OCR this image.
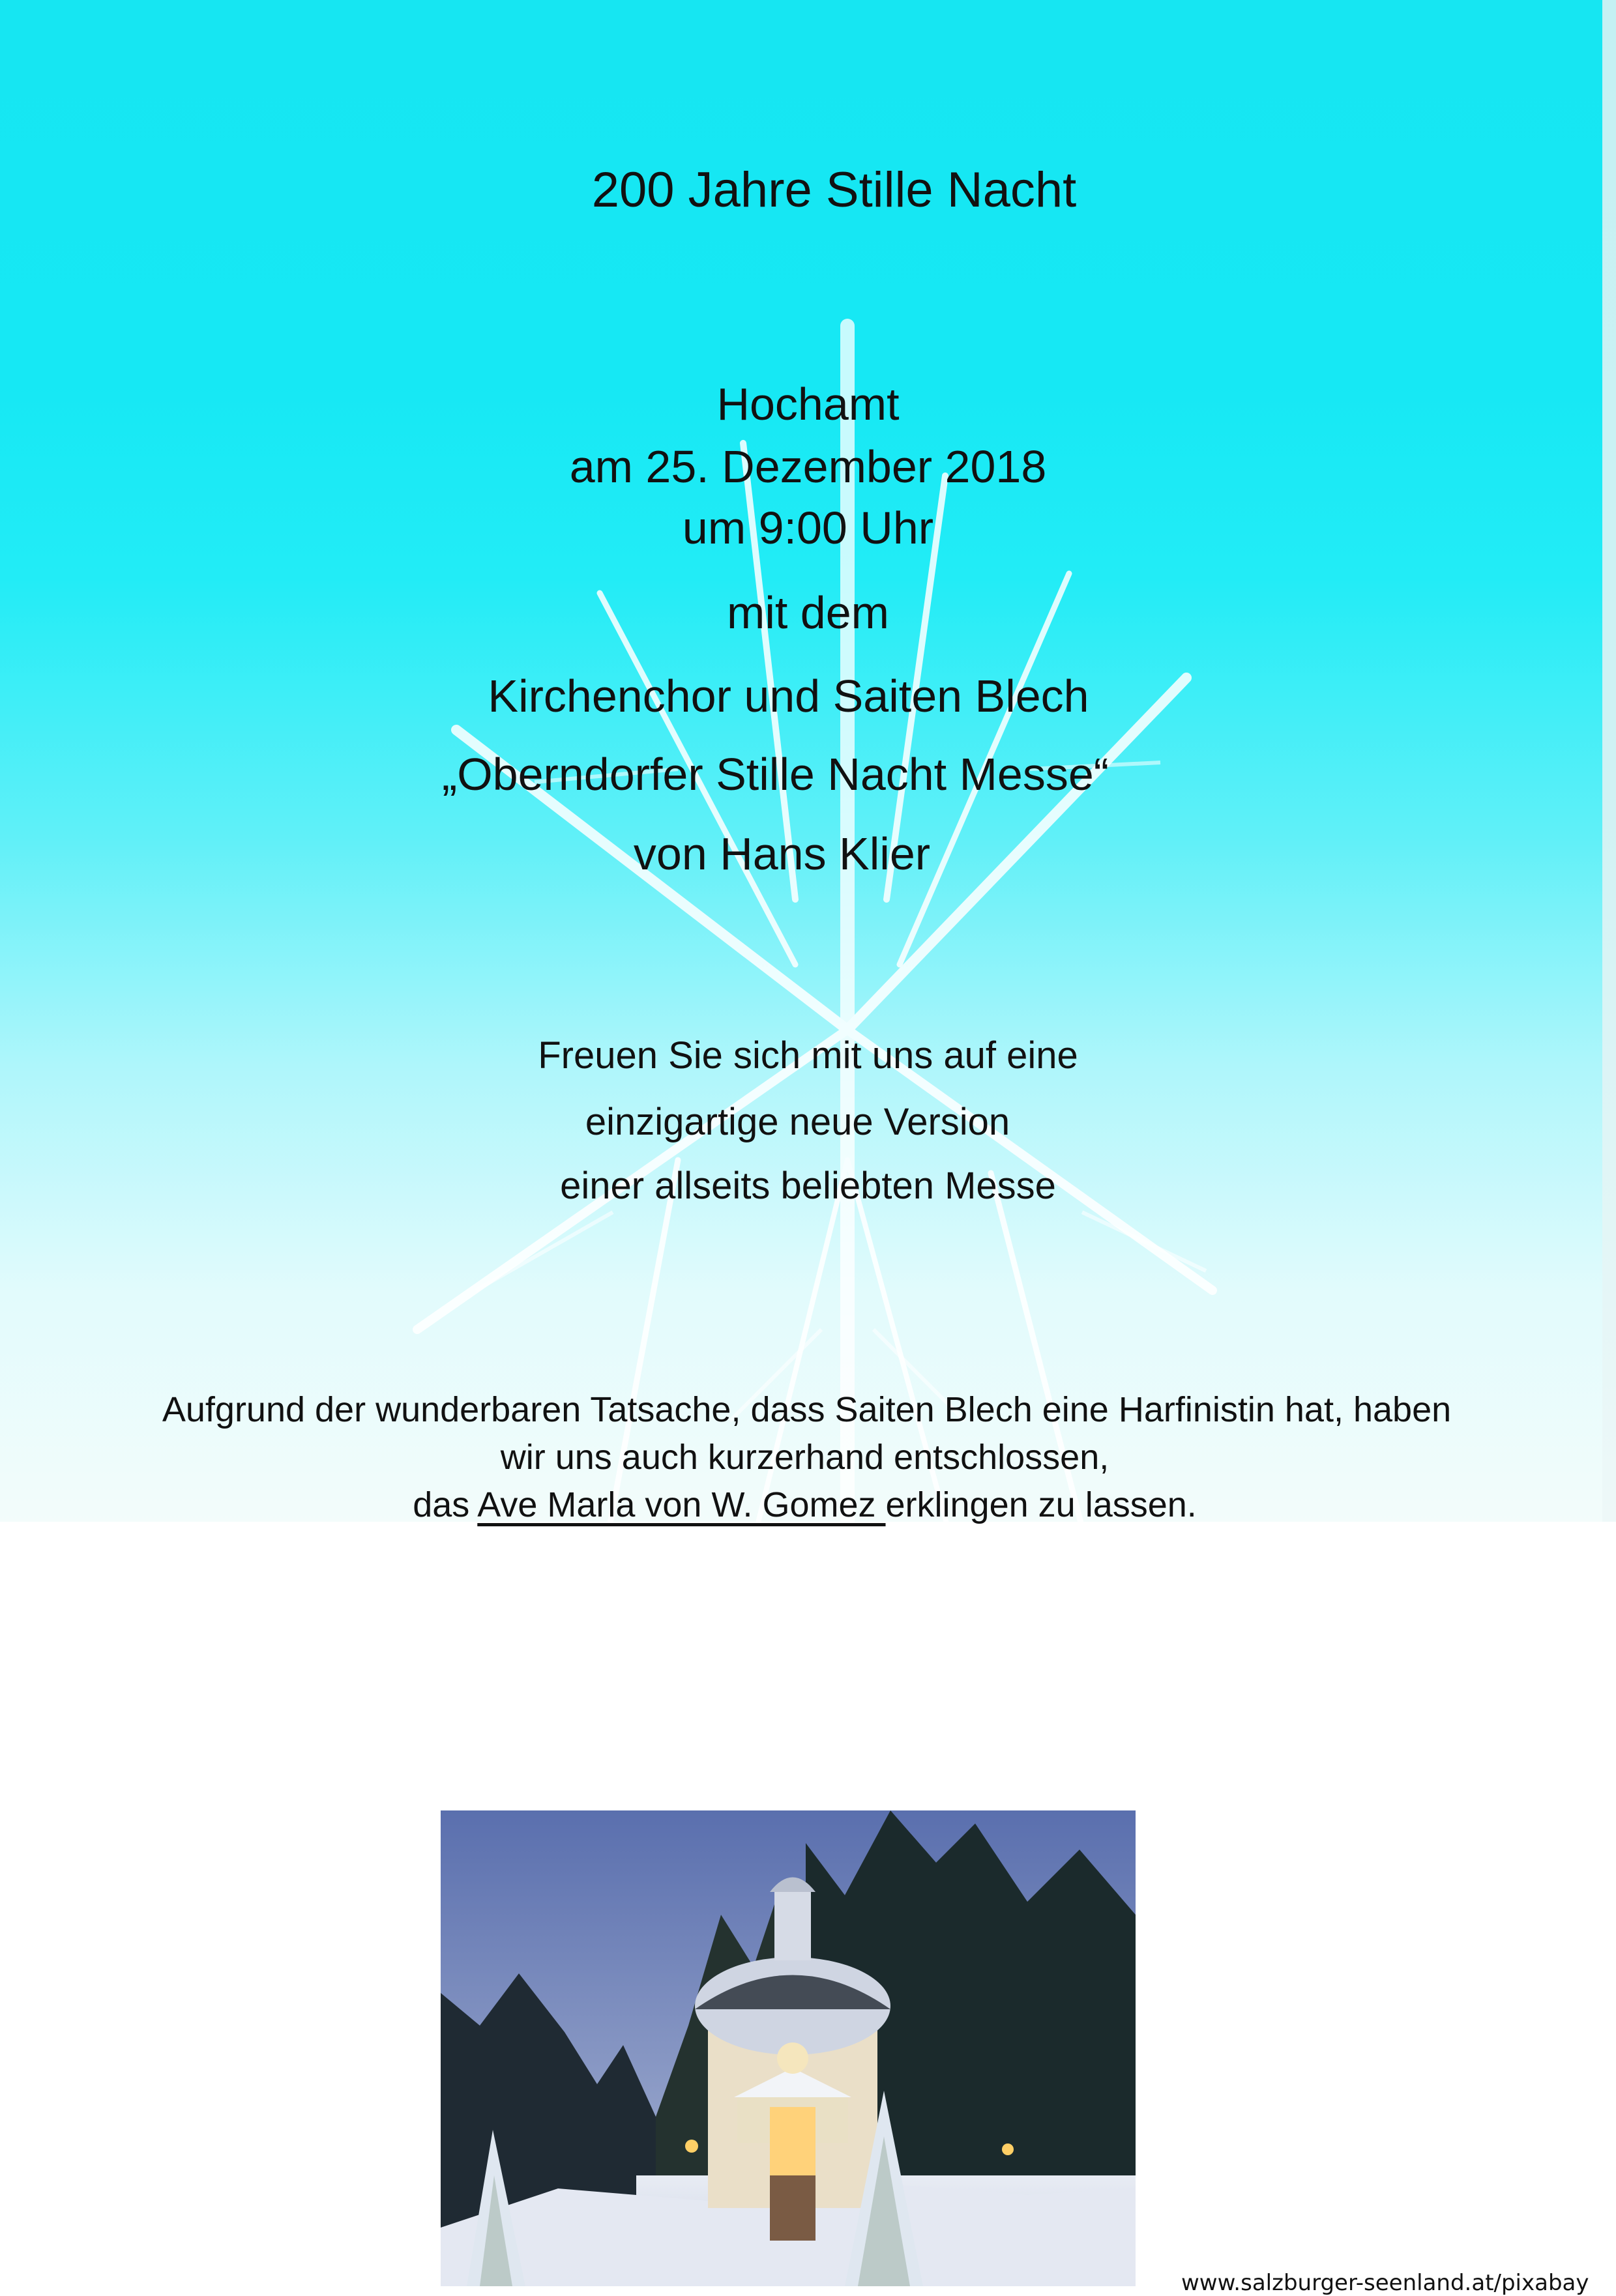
200 Jahre Stille Nacht
Hochamt
am 25. Dezember 2018
um 9:00 Uhr
mit dem
Kirchenchor und Saiten Blech
„Oberndorfer Stille Nacht Messe“
von Hans Klier
Freuen Sie sich mit uns auf eine
einzigartige neue Version
einer allseits beliebten Messe
Aufgrund der wunderbaren Tatsache, dass Saiten Blech eine Harfinistin hat, haben
wir uns auch kurzerhand entschlossen,
das Ave Marla von W. Gomez erklingen zu lassen.
www.salzburger-seenland.at/pixabay
